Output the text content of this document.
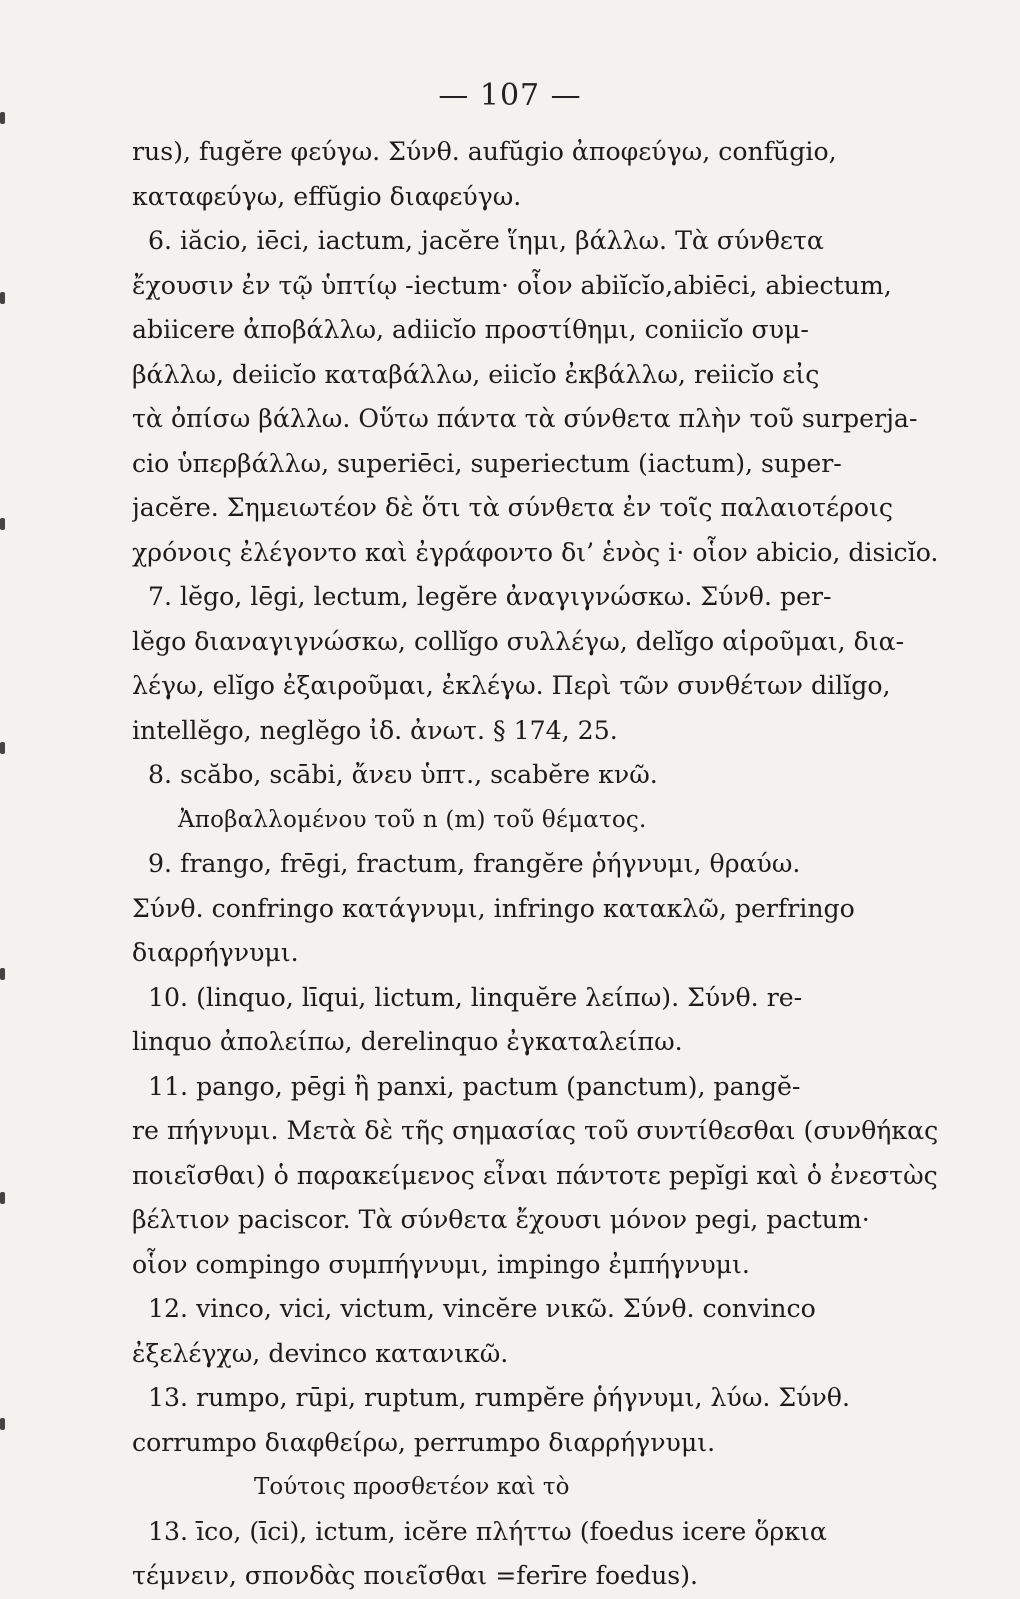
— 107 —
rus), fugĕre φεύγω. Σύνθ. aufŭgio ἀποφεύγω, confŭgio,
καταφεύγω, effŭgio διαφεύγω.
6. iăcio, iēci, iactum, jacĕre ἵημι, βάλλω. Τὰ σύνθετα
ἔχουσιν ἐν τῷ ὑπτίῳ -iectum· οἷον abiĭcĭo,abiēci, abiectum,
abiicere ἀποβάλλω, adiicĭo προστίθημι, coniicĭo συμ-
βάλλω, deiicĭo καταβάλλω, eiicĭo ἐκβάλλω, reiicĭo εἰς
τὰ ὀπίσω βάλλω. Οὕτω πάντα τὰ σύνθετα πλὴν τοῦ surperja-
cio ὑπερβάλλω, superiēci, superiectum (iactum), super-
jacĕre. Σημειωτέον δὲ ὅτι τὰ σύνθετα ἐν τοῖς παλαιοτέροις
χρόνοις ἐλέγοντο καὶ ἐγράφοντο δι’ ἑνὸς i· οἷον abicio, disicĭo.
7. lĕgo, lēgi, lectum, legĕre ἀναγιγνώσκω. Σύνθ. per-
lĕgo διαναγιγνώσκω, collĭgo συλλέγω, delĭgo αἱροῦμαι, δια-
λέγω, elĭgo ἐξαιροῦμαι, ἐκλέγω. Περὶ τῶν συνθέτων dilĭgo,
intellĕgo, neglĕgo ἰδ. ἀνωτ. § 174, 25.
8. scăbo, scābi, ἄνευ ὑπτ., scabĕre κνῶ.
Ἀποβαλλομένου τοῦ n (m) τοῦ θέματος.
9. frango, frēgi, fractum, frangĕre ῥήγνυμι, θραύω.
Σύνθ. confringo κατάγνυμι, infringo κατακλῶ, perfringo
διαρρήγνυμι.
10. (linquo, līqui, lictum, linquĕre λείπω). Σύνθ. re-
linquo ἀπολείπω, derelinquo ἐγκαταλείπω.
11. pango, pēgi ἢ panxi, pactum (panctum), pangĕ-
re πήγνυμι. Μετὰ δὲ τῆς σημασίας τοῦ συντίθεσθαι (συνθήκας
ποιεῖσθαι) ὁ παρακείμενος εἶναι πάντοτε pepĭgi καὶ ὁ ἐνεστὼς
βέλτιον paciscor. Τὰ σύνθετα ἔχουσι μόνον pegi, pactum·
οἷον compingo συμπήγνυμι, impingo ἐμπήγνυμι.
12. vinco, vici, victum, vincĕre νικῶ. Σύνθ. convinco
ἐξελέγχω, devinco κατανικῶ.
13. rumpo, rūpi, ruptum, rumpĕre ῥήγνυμι, λύω. Σύνθ.
corrumpo διαφθείρω, perrumpo διαρρήγνυμι.
Τούτοις προσθετέον καὶ τὸ
13. īco, (īci), ictum, icĕre πλήττω (foedus icere ὅρκια
τέμνειν, σπονδὰς ποιεῖσθαι =ferīre foedus).
